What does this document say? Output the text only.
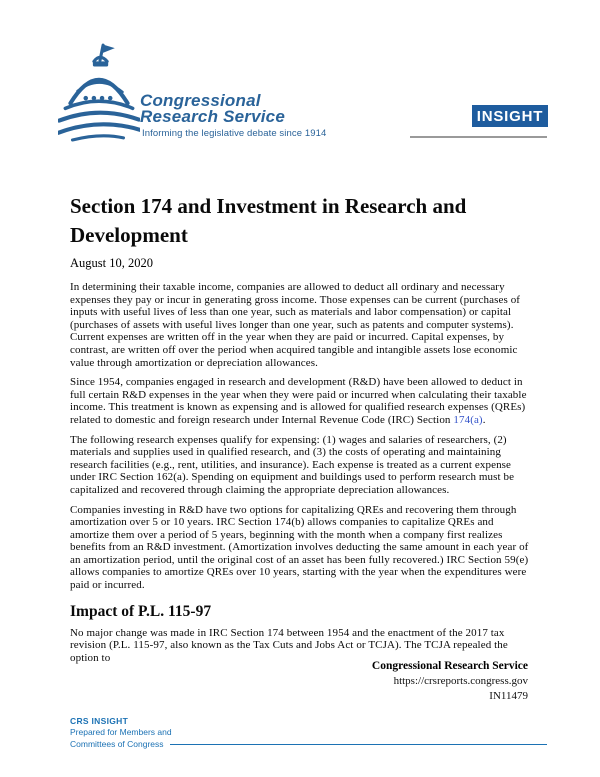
Congressional
Research Service
Informing the legislative debate since 1914
INSIGHT
Section 174 and Investment in Research and Development
August 10, 2020

In determining their taxable income, companies are allowed to deduct all ordinary and necessary expenses they pay or incur in generating gross income. Those expenses can be current (purchases of inputs with useful lives of less than one year, such as materials and labor compensation) or capital (purchases of assets with useful lives longer than one year, such as patents and computer systems). Current expenses are written off in the year when they are paid or incurred. Capital expenses, by contrast, are written off over the period when acquired tangible and intangible assets lose economic value through amortization or depreciation allowances.

Since 1954, companies engaged in research and development (R&D) have been allowed to deduct in full certain R&D expenses in the year when they were paid or incurred when calculating their taxable income. This treatment is known as expensing and is allowed for qualified research expenses (QREs) related to domestic and foreign research under Internal Revenue Code (IRC) Section 174(a).

The following research expenses qualify for expensing: (1) wages and salaries of researchers, (2) materials and supplies used in qualified research, and (3) the costs of operating and maintaining research facilities (e.g., rent, utilities, and insurance). Each expense is treated as a current expense under IRC Section 162(a). Spending on equipment and buildings used to perform research must be capitalized and recovered through claiming the appropriate depreciation allowances.

Companies investing in R&D have two options for capitalizing QREs and recovering them through amortization over 5 or 10 years. IRC Section 174(b) allows companies to capitalize QREs and amortize them over a period of 5 years, beginning with the month when a company first realizes benefits from an R&D investment. (Amortization involves deducting the same amount in each year of an amortization period, until the original cost of an asset has been fully recovered.) IRC Section 59(e) allows companies to amortize QREs over 10 years, starting with the year when the expenditures were paid or incurred.

Impact of P.L. 115-97

No major change was made in IRC Section 174 between 1954 and the enactment of the 2017 tax revision (P.L. 115-97, also known as the Tax Cuts and Jobs Act or TCJA). The TCJA repealed the option to

Congressional Research Service
https://crsreports.congress.gov
IN11479
CRS INSIGHT
Prepared for Members and
Committees of Congress
